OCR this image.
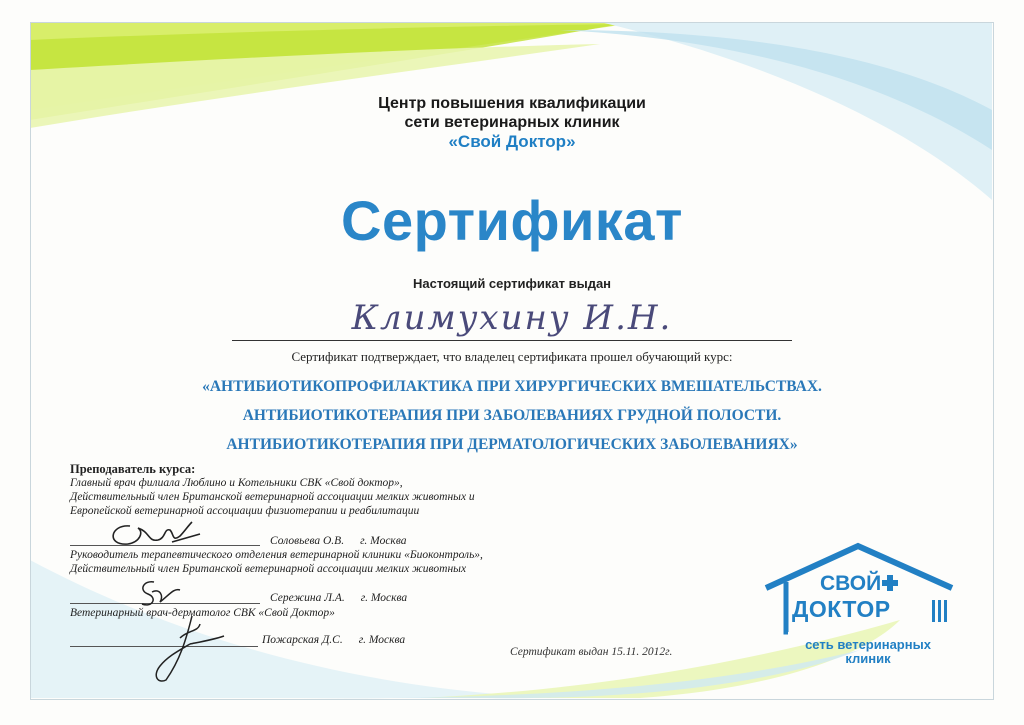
Центр повышения квалификации
сети ветеринарных клиник
«Свой Доктор»
Сертификат
Настоящий сертификат выдан
Климухину И.Н.
Сертификат подтверждает, что владелец сертификата прошел обучающий курс:
«АНТИБИОТИКОПРОФИЛАКТИКА ПРИ ХИРУРГИЧЕСКИХ ВМЕШАТЕЛЬСТВАХ.
АНТИБИОТИКОТЕРАПИЯ ПРИ ЗАБОЛЕВАНИЯХ ГРУДНОЙ ПОЛОСТИ.
АНТИБИОТИКОТЕРАПИЯ ПРИ ДЕРМАТОЛОГИЧЕСКИХ ЗАБОЛЕВАНИЯХ»
Преподаватель курса:
Главный врач филиала Люблино и Котельники СВК «Свой доктор»,
Действительный член Британской ветеринарной ассоциации мелких животных и
Европейской ветеринарной ассоциации физиотерапии и реабилитации
Соловьева О.В. г. Москва
Руководитель терапевтического отделения ветеринарной клиники «Биоконтроль»,
Действительный член Британской ветеринарной ассоциации мелких животных
Сережина Л.А. г. Москва
Ветеринарный врач-дерматолог СВК «Свой Доктор»
Пожарская Д.С. г. Москва
Сертификат выдан 15.11. 2012г.
СВОЙ
ДОКТОР
сеть ветеринарных
клиник
